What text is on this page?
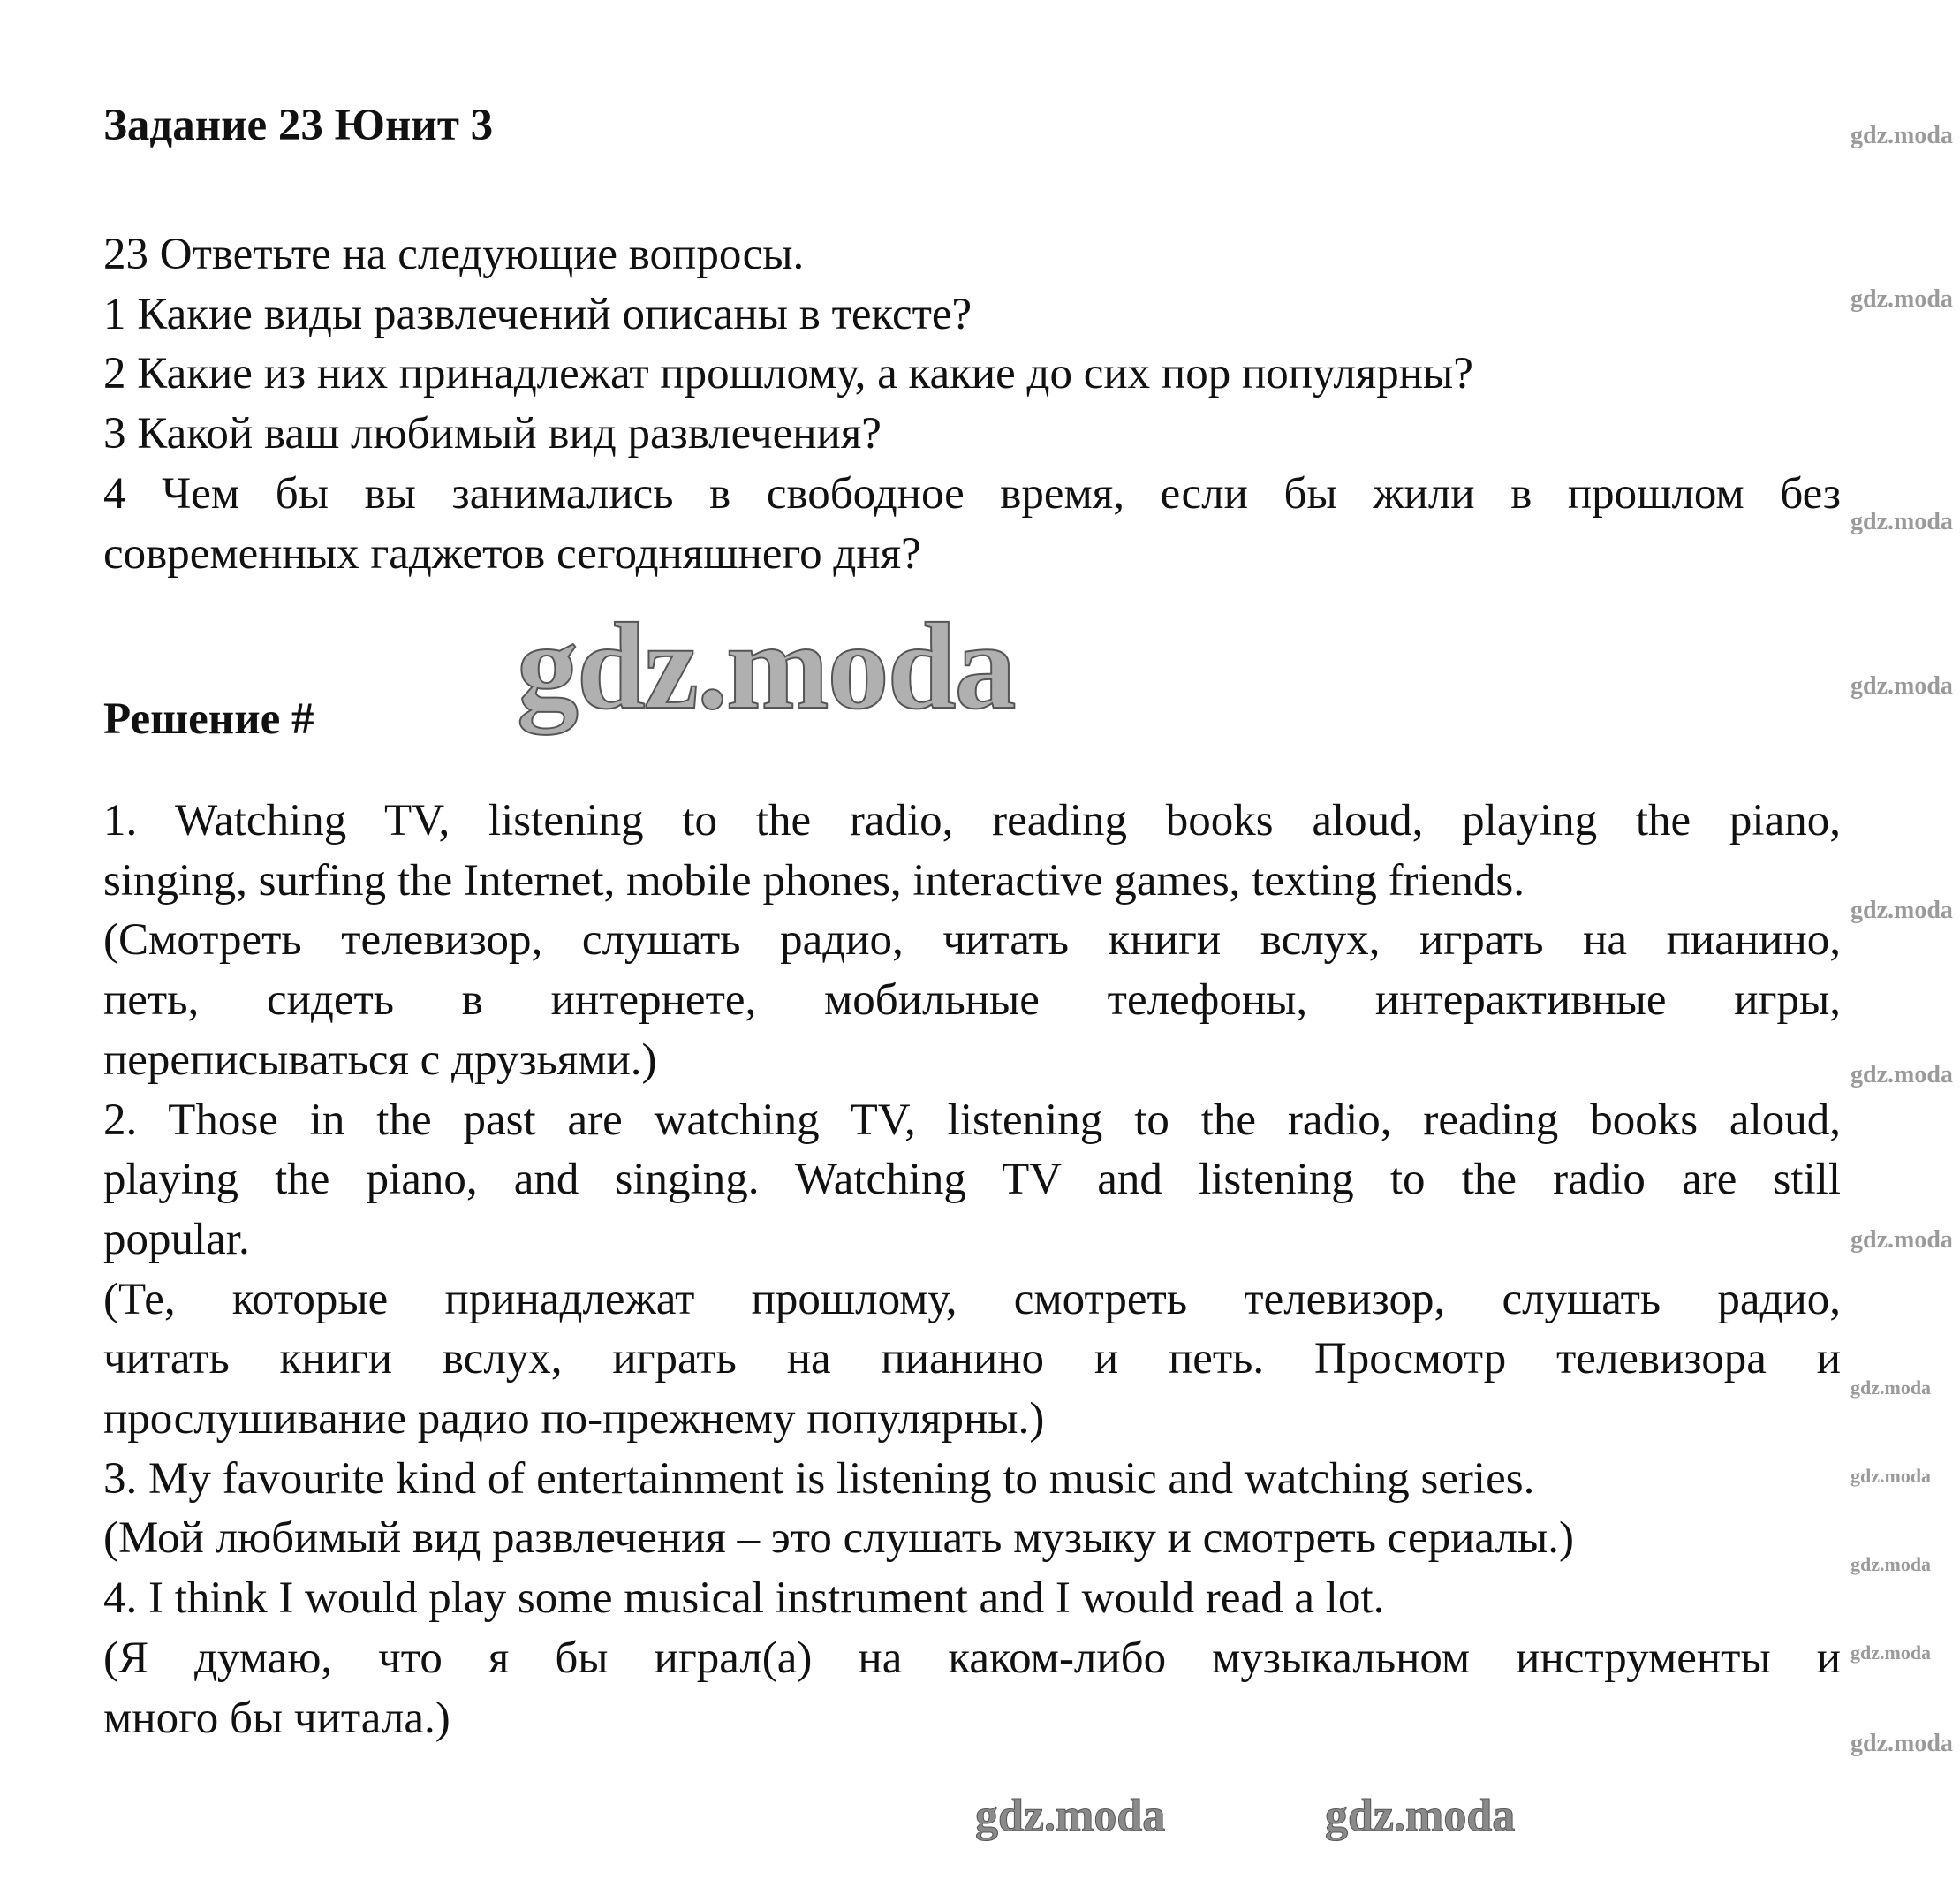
Задание 23 Юнит 3
23 Ответьте на следующие вопросы.
1 Какие виды развлечений описаны в тексте?
2 Какие из них принадлежат прошлому, а какие до сих пор популярны?
3 Какой ваш любимый вид развлечения?
4 Чем бы вы занимались в свободное время, если бы жили в прошлом без
современных гаджетов сегодняшнего дня?
Решение #
1. Watching TV, listening to the radio, reading books aloud, playing the piano,
singing, surfing the Internet, mobile phones, interactive games, texting friends.
(Смотреть телевизор, слушать радио, читать книги вслух, играть на пианино,
петь, сидеть в интернете, мобильные телефоны, интерактивные игры,
переписываться с друзьями.)
2. Those in the past are watching TV, listening to the radio, reading books aloud,
playing the piano, and singing. Watching TV and listening to the radio are still
popular.
(Те, которые принадлежат прошлому, смотреть телевизор, слушать радио,
читать книги вслух, играть на пианино и петь. Просмотр телевизора и
прослушивание радио по-прежнему популярны.)
3. My favourite kind of entertainment is listening to music and watching series.
(Мой любимый вид развлечения – это слушать музыку и смотреть сериалы.)
4. I think I would play some musical instrument and I would read a lot.
(Я думаю, что я бы играл(а) на каком-либо музыкальном инструменты и
много бы читала.)
gdz.moda
gdz.moda
gdz.moda
gdz.moda
gdz.moda
gdz.moda
gdz.moda
gdz.moda
gdz.moda
gdz.moda
gdz.moda
gdz.moda
gdz.moda
gdz.moda
gdz.moda
